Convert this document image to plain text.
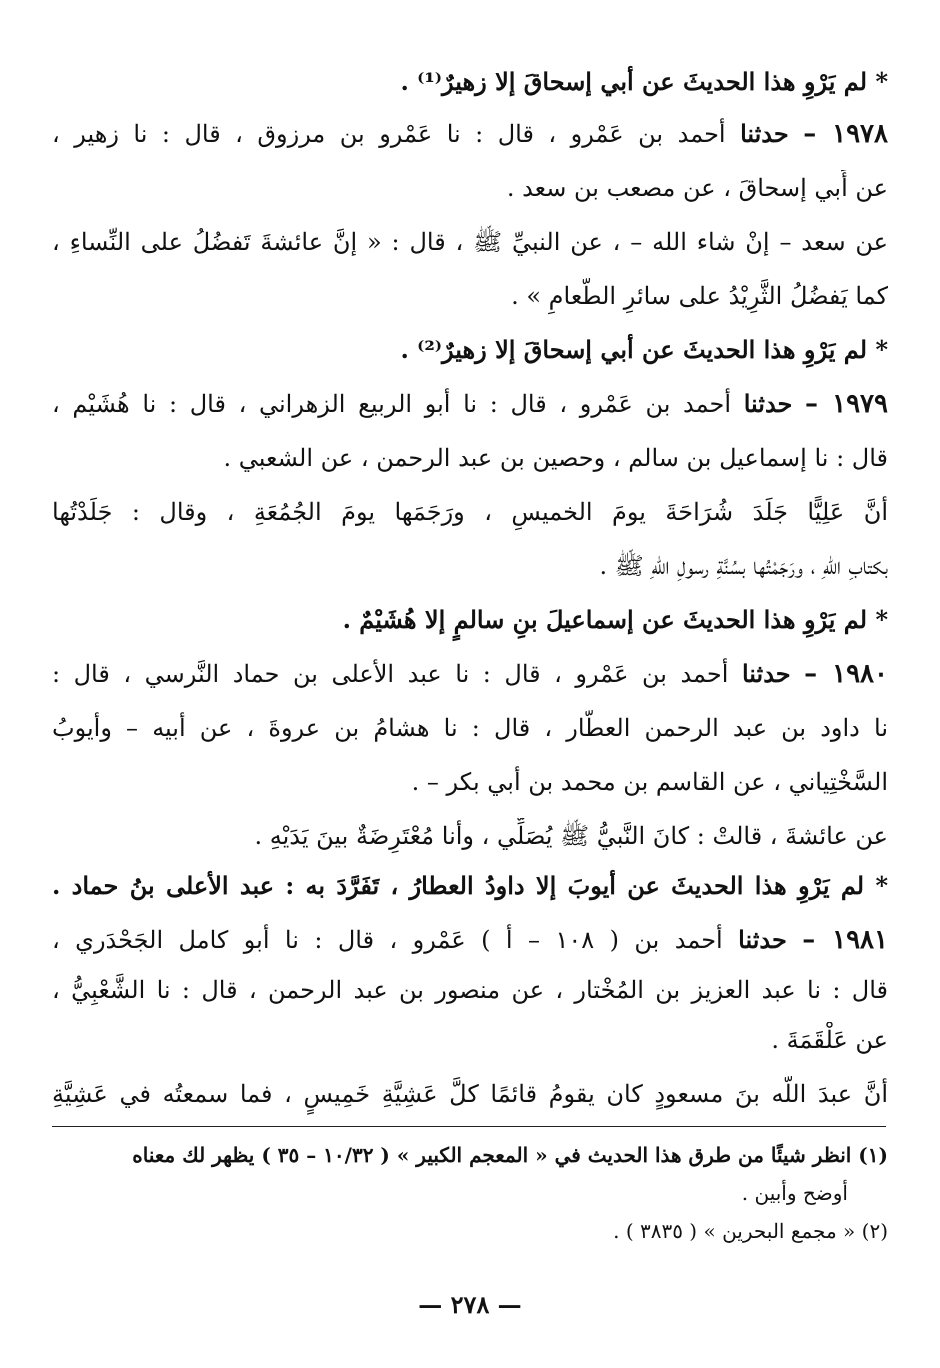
* لم يَرْوِ هذا الحديثَ عن أبي إسحاقَ إلا زهيرٌ⁽¹⁾ .
١٩٧٨ – حدثنا أحمد بن عَمْرو ، قال : نا عَمْرو بن مرزوق ، قال : نا زهير ،
عن أَبي إسحاقَ ، عن مصعب بن سعد .
عن سعد – إنْ شاء الله – ، عن النبيِّ ﷺ ، قال : « إنَّ عائشةَ تَفضُلُ على النِّساءِ ،
كما يَفضُلُ الثَّرِيْدُ على سائرِ الطَّعامِ » .
* لم يَرْوِ هذا الحديثَ عن أبي إسحاقَ إلا زهيرٌ⁽²⁾ .
١٩٧٩ – حدثنا أحمد بن عَمْرو ، قال : نا أبو الربيع الزهراني ، قال : نا هُشَيْم ،
قال : نا إسماعيل بن سالم ، وحصين بن عبد الرحمن ، عن الشعبي .
أنَّ عَلِيًّا جَلَدَ شُرَاحَةَ يومَ الخميسِ ، ورَجَمَها يومَ الجُمُعَةِ ، وقال : جَلَدْتُها
بكتابِ اللّهِ ، ورَجَمْتُها بسُنَّةِ رسولِ اللّهِ ﷺ .
* لم يَرْوِ هذا الحديثَ عن إسماعيلَ بنِ سالمٍ إلا هُشَيْمٌ .
١٩٨٠ – حدثنا أحمد بن عَمْرو ، قال : نا عبد الأعلى بن حماد النَّرسي ، قال :
نا داود بن عبد الرحمن العطَّار ، قال : نا هشامُ بن عروةَ ، عن أبيه – وأيوبُ
السَّخْتِياني ، عن القاسم بن محمد بن أبي بكر – .
عن عائشةَ ، قالتْ : كانَ النَّبيُّ ﷺ يُصَلِّي ، وأنا مُعْتَرِضَةٌ بينَ يَدَيْهِ .
* لم يَرْوِ هذا الحديثَ عن أيوبَ إلا داودُ العطارُ ، تَفَرَّدَ به : عبد الأعلى بنُ حماد .
١٩٨١ – حدثنا أحمد بن ( ١٠٨ – أ ) عَمْرو ، قال : نا أبو كامل الجَحْدَري ،
قال : نا عبد العزيز بن المُخْتار ، عن منصور بن عبد الرحمن ، قال : نا الشَّعْبِيُّ ،
عن عَلْقَمَةَ .
أنَّ عبدَ اللّه بنَ مسعودٍ كان يقومُ قائمًا كلَّ عَشِيَّةِ خَمِيسٍ ، فما سمعتُه في عَشِيَّةِ
(١) انظر شيئًا من طرق هذا الحديث في « المعجم الكبير » ( ١٠/٣٢ – ٣٥ ) يظهر لك معناه
أوضح وأبين .
(٢) « مجمع البحرين » ( ٣٨٣٥ ) .
— ٢٧٨ —
